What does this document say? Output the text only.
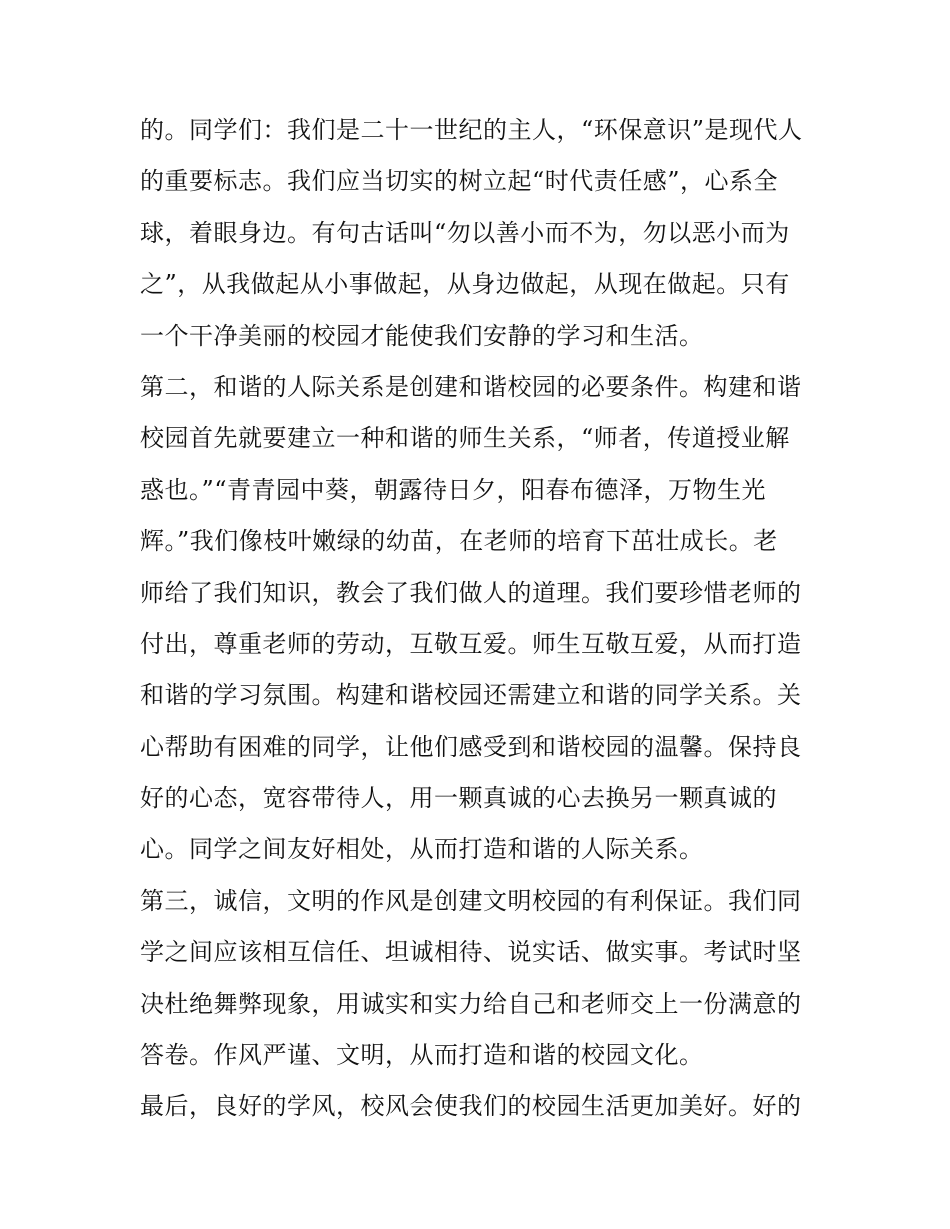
的。同学们：我们是二十一世纪的主人，“环保意识”是现代人
的重要标志。我们应当切实的树立起“时代责任感”，心系全
球，着眼身边。有句古话叫“勿以善小而不为，勿以恶小而为
之”，从我做起从小事做起，从身边做起，从现在做起。只有
一个干净美丽的校园才能使我们安静的学习和生活。
第二，和谐的人际关系是创建和谐校园的必要条件。构建和谐
校园首先就要建立一种和谐的师生关系，“师者，传道授业解
惑也。”“青青园中葵，朝露待日夕，阳春布德泽，万物生光
辉。”我们像枝叶嫩绿的幼苗，在老师的培育下茁壮成长。老
师给了我们知识，教会了我们做人的道理。我们要珍惜老师的
付出，尊重老师的劳动，互敬互爱。师生互敬互爱，从而打造
和谐的学习氛围。构建和谐校园还需建立和谐的同学关系。关
心帮助有困难的同学，让他们感受到和谐校园的温馨。保持良
好的心态，宽容带待人，用一颗真诚的心去换另一颗真诚的
心。同学之间友好相处，从而打造和谐的人际关系。
第三，诚信，文明的作风是创建文明校园的有利保证。我们同
学之间应该相互信任、坦诚相待、说实话、做实事。考试时坚
决杜绝舞弊现象，用诚实和实力给自己和老师交上一份满意的
答卷。作风严谨、文明，从而打造和谐的校园文化。
最后，良好的学风，校风会使我们的校园生活更加美好。好的
